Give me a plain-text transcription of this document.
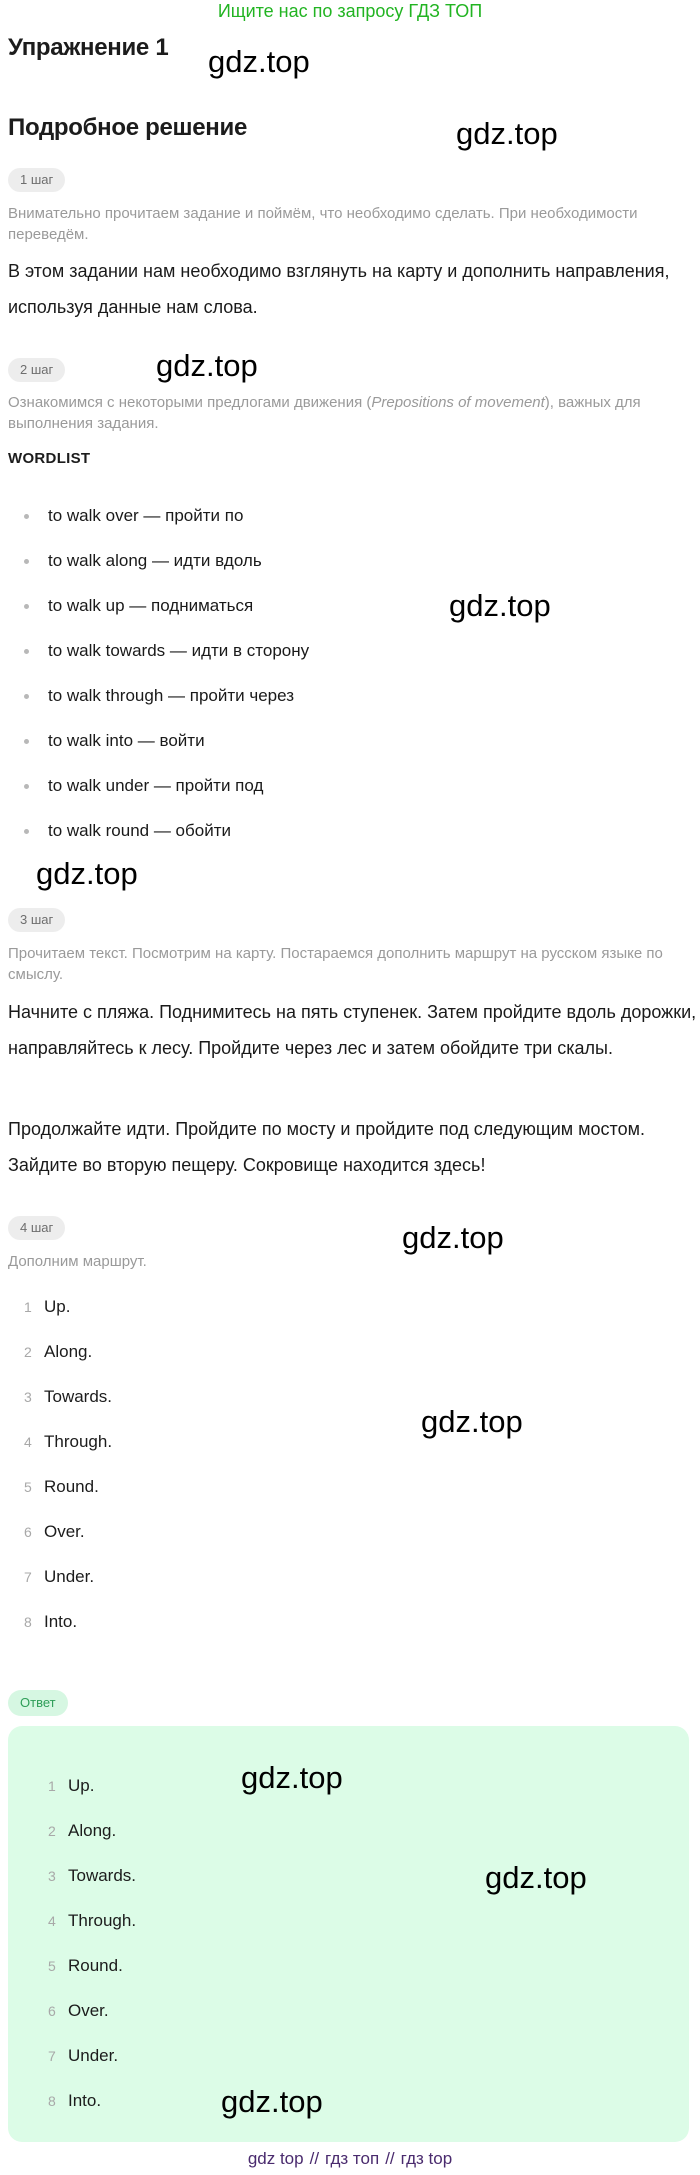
Ищите нас по запросу ГДЗ ТОП
Упражнение 1 gdz.top
Подробное решение	gdz.top
1 шаг
Внимательно прочитаем задание и поймём, что необходимо сделать. При необходимости переведём.
В этом задании нам необходимо взглянуть на карту и дополнить направления, используя данные нам слова.
2 шаг	gdz.top
Ознакомимся с некоторыми предлогами движения (Prepositions of movement), важных для выполнения задания.
WORDLIST
to walk over — пройти по
to walk along — идти вдоль
to walk up — подниматься
to walk towards — идти в сторону
to walk through — пройти через
to walk into — войти
to walk under — пройти под
to walk round — обойти
gdz.top
gdz.top
3 шаг
Прочитаем текст. Посмотрим на карту. Постараемся дополнить маршрут на русском языке по смыслу.
Начните с пляжа. Поднимитесь на пять ступенек. Затем пройдите вдоль дорожки, направляйтесь к лесу. Пройдите через лес и затем обойдите три скалы.
Продолжайте идти. Пройдите по мосту и пройдите под следующим мостом. Зайдите во вторую пещеру. Сокровище находится здесь!
4 шаг	gdz.top
Дополним маршрут.
1 Up.
2 Along.
3 Towards.
4 Through.
5 Round.
6 Over.
7 Under.
8 Into.
gdz.top
Ответ
1 Up.
2 Along.
3 Towards.
4 Through.
5 Round.
6 Over.
7 Under.
8 Into.
gdz.top
gdz.top
gdz.top
gdz top // гдз топ // гдз top
